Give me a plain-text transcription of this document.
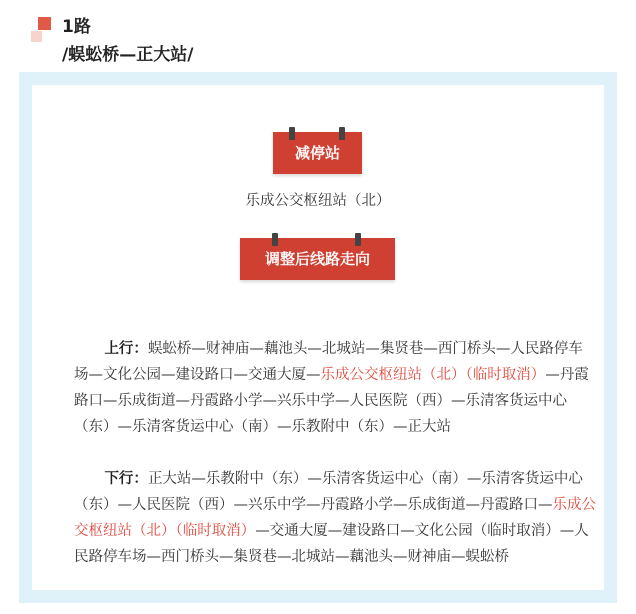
1路
/蜈蚣桥—正大站/
减停站
乐成公交枢纽站（北）
调整后线路走向

上行：蜈蚣桥—财神庙—藕池头—北城站—集贤巷—西门桥头—人民路停车场—文化公园—建设路口—交通大厦—乐成公交枢纽站（北）（临时取消）—丹霞路口—乐成街道—丹霞路小学—兴乐中学—人民医院（西）—乐清客货运中心（东）—乐清客货运中心（南）—乐教附中（东）—正大站

下行：正大站—乐教附中（东）—乐清客货运中心（南）—乐清客货运中心（东）—人民医院（西）—兴乐中学—丹霞路小学—乐成街道—丹霞路口—乐成公交枢纽站（北）（临时取消）—交通大厦—建设路口—文化公园（临时取消）—人民路停车场—西门桥头—集贤巷—北城站—藕池头—财神庙—蜈蚣桥
